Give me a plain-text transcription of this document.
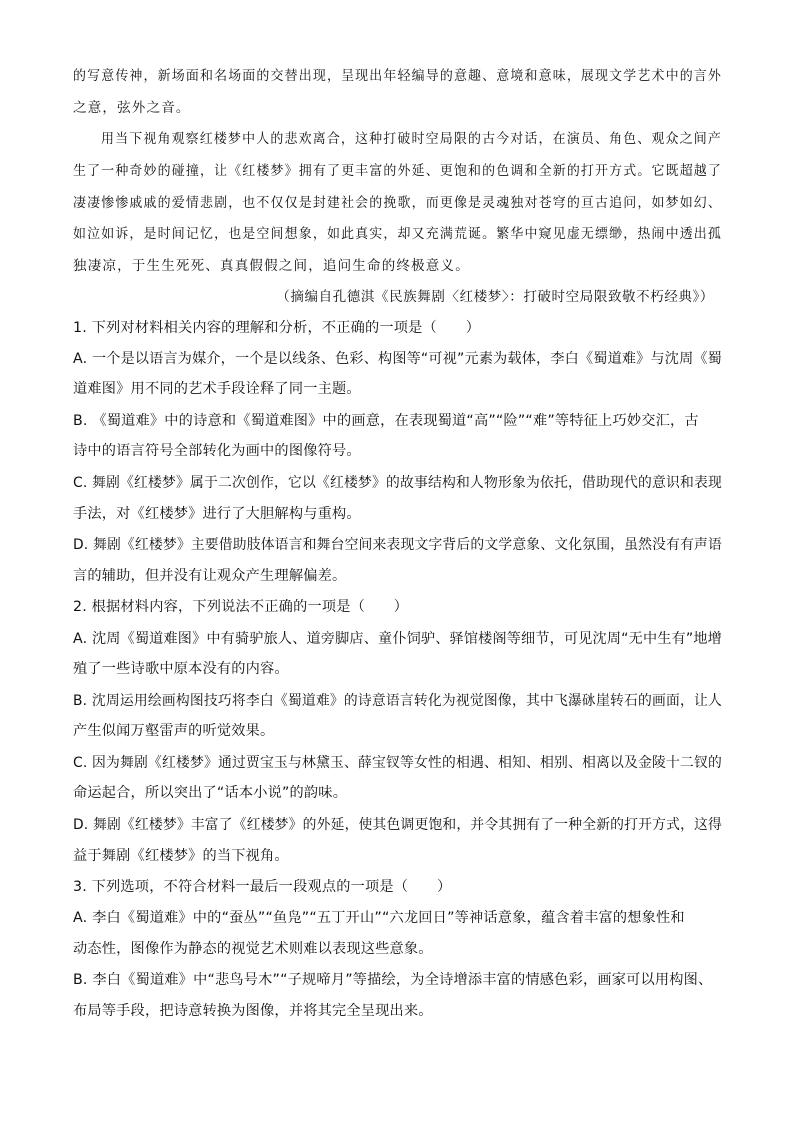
的写意传神，新场面和名场面的交替出现，呈现出年轻编导的意趣、意境和意味，展现文学艺术中的言外
之意，弦外之音。
用当下视角观察红楼梦中人的悲欢离合，这种打破时空局限的古今对话，在演员、角色、观众之间产
生了一种奇妙的碰撞，让《红楼梦》拥有了更丰富的外延、更饱和的色调和全新的打开方式。它既超越了
凄凄惨惨戚戚的爱情悲剧，也不仅仅是封建社会的挽歌，而更像是灵魂独对苍穹的亘古追问，如梦如幻、
如泣如诉，是时间记忆，也是空间想象，如此真实，却又充满荒诞。繁华中窥见虚无缥缈，热闹中透出孤
独凄凉，于生生死死、真真假假之间，追问生命的终极意义。
（摘编自孔德淇《民族舞剧〈红楼梦〉：打破时空局限致敬不朽经典》）
1. 下列对材料相关内容的理解和分析，不正确的一项是（　　）
A. 一个是以语言为媒介，一个是以线条、色彩、构图等“可视”元素为载体，李白《蜀道难》与沈周《蜀
道难图》用不同的艺术手段诠释了同一主题。
B. 《蜀道难》中的诗意和《蜀道难图》中的画意，在表现蜀道“高”“险”“难”等特征上巧妙交汇，古
诗中的语言符号全部转化为画中的图像符号。
C. 舞剧《红楼梦》属于二次创作，它以《红楼梦》的故事结构和人物形象为依托，借助现代的意识和表现
手法，对《红楼梦》进行了大胆解构与重构。
D. 舞剧《红楼梦》主要借助肢体语言和舞台空间来表现文字背后的文学意象、文化氛围，虽然没有有声语
言的辅助，但并没有让观众产生理解偏差。
2. 根据材料内容，下列说法不正确的一项是（　　）
A. 沈周《蜀道难图》中有骑驴旅人、道旁脚店、童仆饲驴、驿馆楼阁等细节，可见沈周“无中生有”地增
殖了一些诗歌中原本没有的内容。
B. 沈周运用绘画构图技巧将李白《蜀道难》的诗意语言转化为视觉图像，其中飞瀑砯崖转石的画面，让人
产生似闻万壑雷声的听觉效果。
C. 因为舞剧《红楼梦》通过贾宝玉与林黛玉、薛宝钗等女性的相遇、相知、相别、相离以及金陵十二钗的
命运起合，所以突出了“话本小说”的韵味。
D. 舞剧《红楼梦》丰富了《红楼梦》的外延，使其色调更饱和，并令其拥有了一种全新的打开方式，这得
益于舞剧《红楼梦》的当下视角。
3. 下列选项，不符合材料一最后一段观点的一项是（　　）
A. 李白《蜀道难》中的“蚕丛”“鱼凫”“五丁开山”“六龙回日”等神话意象，蕴含着丰富的想象性和
动态性，图像作为静态的视觉艺术则难以表现这些意象。
B. 李白《蜀道难》中“悲鸟号木”“子规啼月”等描绘，为全诗增添丰富的情感色彩，画家可以用构图、
布局等手段，把诗意转换为图像，并将其完全呈现出来。
